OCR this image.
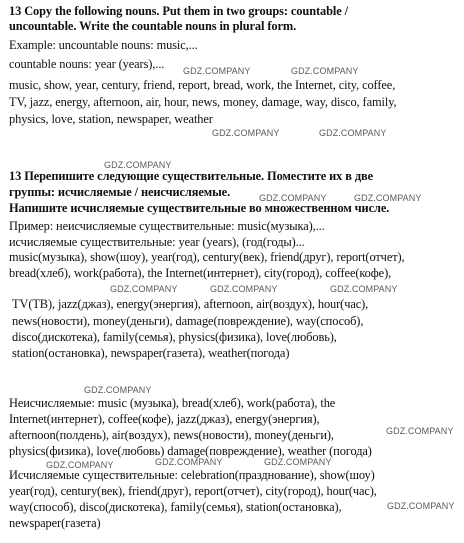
13 Copy the following nouns. Put them in two groups: countable /
uncountable. Write the countable nouns in plural form.
Example: uncountable nouns: music,...
countable nouns: year (years),...
music, show, year, century, friend, report, bread, work, the Internet, city, coffee,
TV, jazz, energy, afternoon, air, hour, news, money, damage, way, disco, family,
physics, love, station, newspaper, weather
13 Перепишите следующие существительные. Поместите их в две
группы: исчисляемые / неисчисляемые.
Напишите исчисляемые существительные во множественном числе.
Пример: неисчисляемые существительные: music(музыка),...
исчисляемые существительные: year (years), (год(годы)...
music(музыка), show(шоу), year(год), century(век), friend(друг), report(отчет),
bread(хлеб), work(работа), the Internet(интернет), city(город), coffee(кофе),
TV(ТВ), jazz(джаз), energy(энергия), afternoon, air(воздух), hour(час),
news(новости), money(деньги), damage(повреждение), way(способ),
disco(дискотека), family(семья), physics(физика), love(любовь),
station(остановка), newspaper(газета), weather(погода)
Неисчисляемые: music (музыка), bread(хлеб), work(работа), the
Internet(интернет), coffee(кофе), jazz(джаз), energy(энергия),
afternoon(полдень), air(воздух), news(новости), money(деньги),
physics(физика), love(любовь) damage(повреждение), weather (погода)
Исчисляемые существительные: celebration(празднование), show(шоу)
year(год), century(век), friend(друг), report(отчет), city(город), hour(час),
way(способ), disco(дискотека), family(семья), station(остановка),
newspaper(газета)
GDZ.COMPANY	GDZ.COMPANY
GDZ.COMPANY	GDZ.COMPANY
GDZ.COMPANY
GDZ.COMPANY	GDZ.COMPANY
GDZ.COMPANY	GDZ.COMPANY	GDZ.COMPANY
GDZ.COMPANY
GDZ.COMPANY
GDZ.COMPANY	GDZ.COMPANY	GDZ.COMPANY
GDZ.COMPANY
